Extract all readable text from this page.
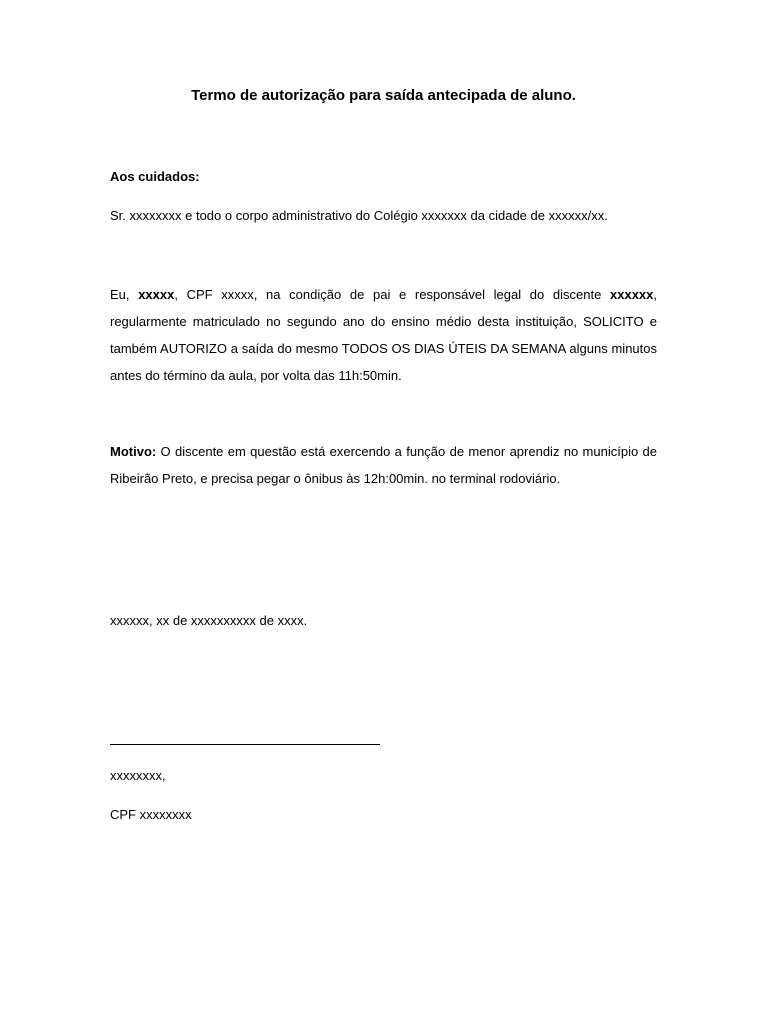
Termo de autorização para saída antecipada de aluno.
Aos cuidados:
Sr. xxxxxxxx e todo o corpo administrativo do Colégio xxxxxxx da cidade de xxxxxx/xx.
Eu, xxxxx, CPF xxxxx, na condição de pai e responsável legal do discente xxxxxx, regularmente matriculado no segundo ano do ensino médio desta instituição, SOLICITO e também AUTORIZO a saída do mesmo TODOS OS DIAS ÚTEIS DA SEMANA alguns minutos antes do término da aula, por volta das 11h:50min.
Motivo: O discente em questão está exercendo a função de menor aprendiz no município de Ribeirão Preto, e precisa pegar o ônibus às 12h:00min. no terminal rodoviário.
xxxxxx, xx de xxxxxxxxxx de xxxx.
xxxxxxxx,
CPF xxxxxxxx
